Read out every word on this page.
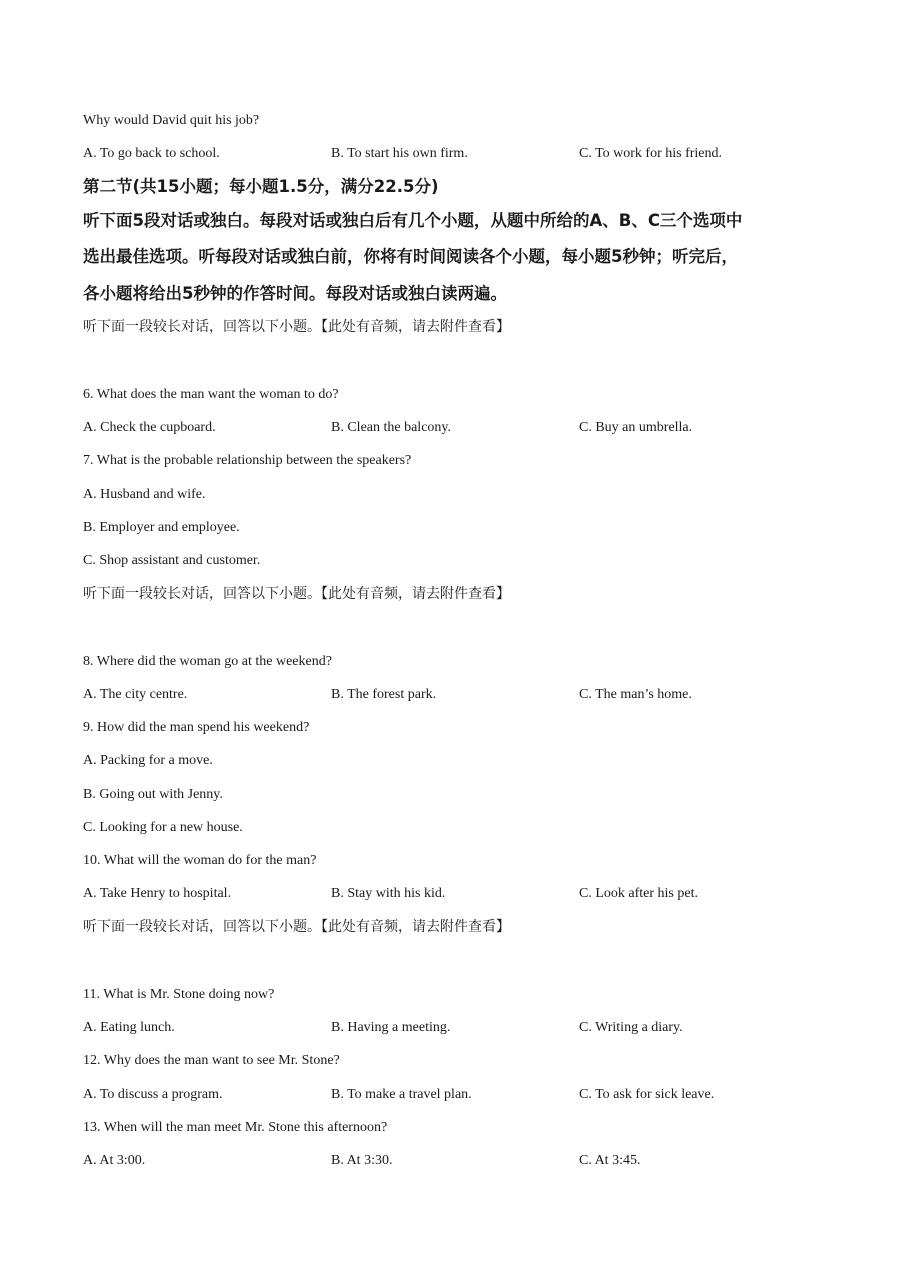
Why would David quit his job?
A. To go back to school.	B. To start his own firm.	C. To work for his friend.
第二节(共15小题；每小题1.5分，满分22.5分)
听下面5段对话或独白。每段对话或独白后有几个小题，从题中所给的A、B、C三个选项中
选出最佳选项。听每段对话或独白前，你将有时间阅读各个小题，每小题5秒钟；听完后，
各小题将给出5秒钟的作答时间。每段对话或独白读两遍。
听下面一段较长对话，回答以下小题。【此处有音频，请去附件查看】
6. What does the man want the woman to do?
A. Check the cupboard.	B. Clean the balcony.	C. Buy an umbrella.
7. What is the probable relationship between the speakers?
A. Husband and wife.
B. Employer and employee.
C. Shop assistant and customer.
听下面一段较长对话，回答以下小题。【此处有音频，请去附件查看】
8. Where did the woman go at the weekend?
A. The city centre.	B. The forest park.	C. The man’s home.
9. How did the man spend his weekend?
A. Packing for a move.
B. Going out with Jenny.
C. Looking for a new house.
10. What will the woman do for the man?
A. Take Henry to hospital.	B. Stay with his kid.	C. Look after his pet.
听下面一段较长对话，回答以下小题。【此处有音频，请去附件查看】
11. What is Mr. Stone doing now?
A. Eating lunch.	B. Having a meeting.	C. Writing a diary.
12. Why does the man want to see Mr. Stone?
A. To discuss a program.	B. To make a travel plan.	C. To ask for sick leave.
13. When will the man meet Mr. Stone this afternoon?
A. At 3:00.	B. At 3:30.	C. At 3:45.
